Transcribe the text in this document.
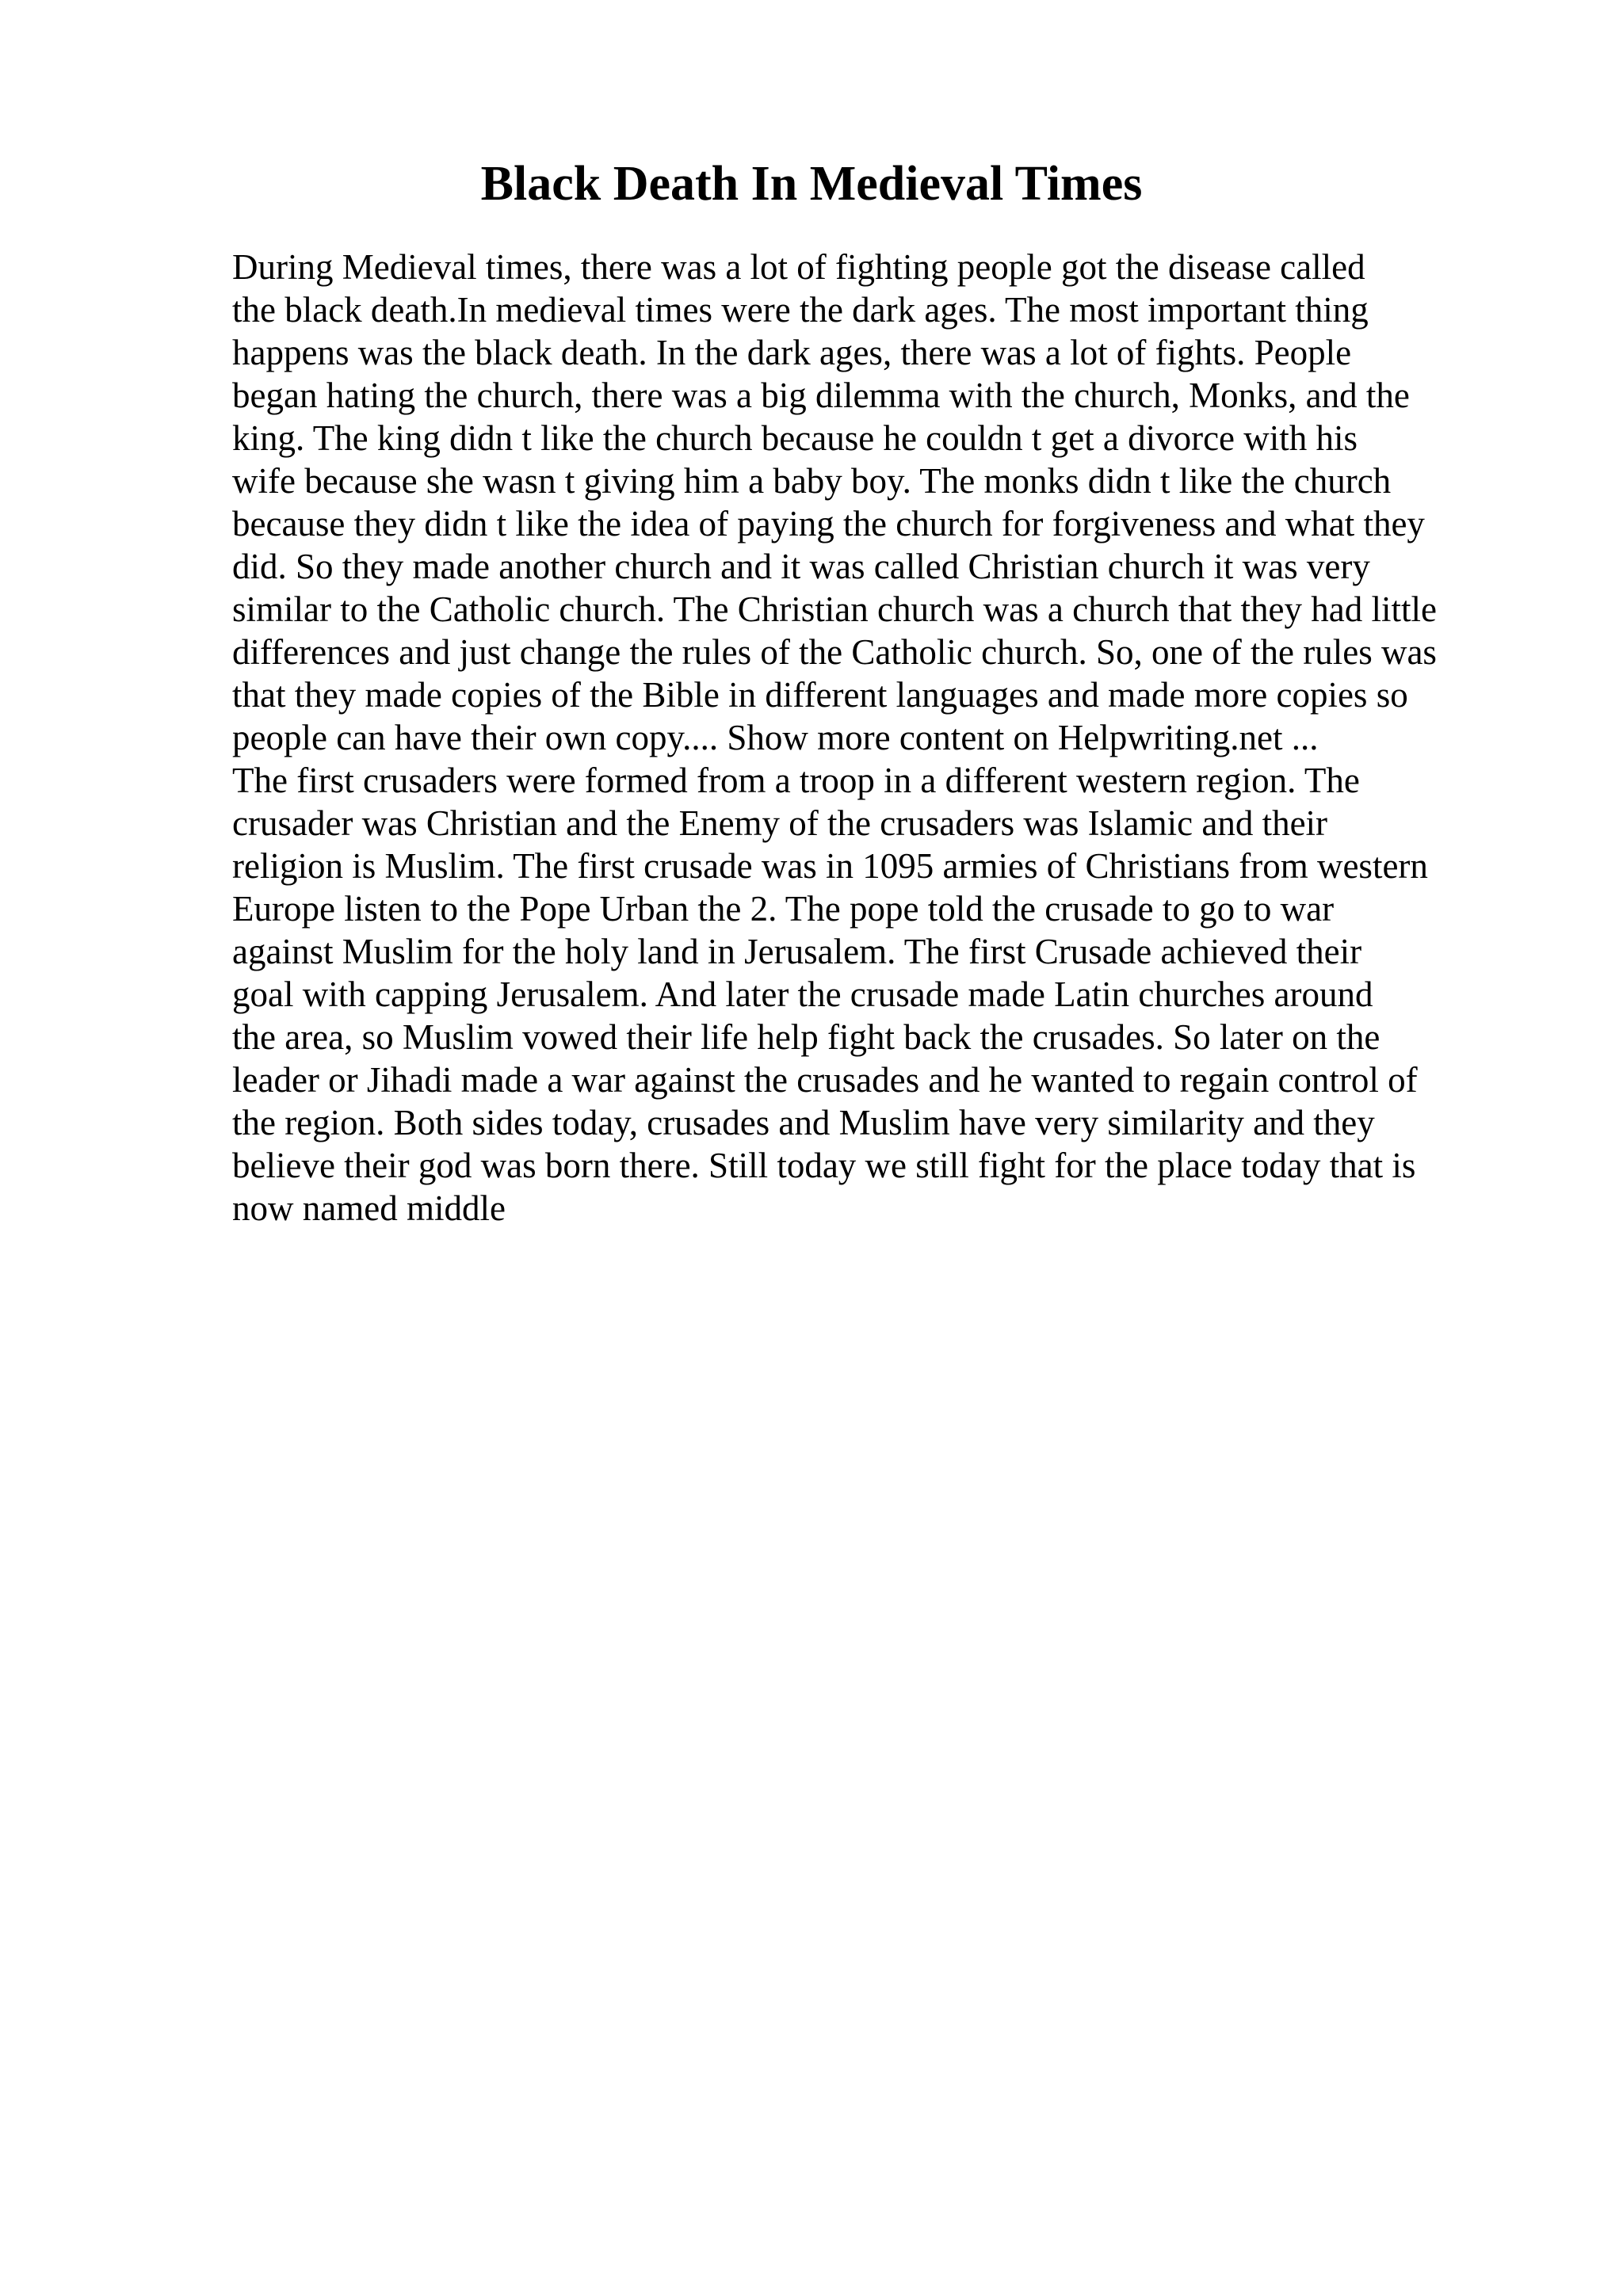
Black Death In Medieval Times
During Medieval times, there was a lot of fighting people got the disease called
the black death.In medieval times were the dark ages. The most important thing
happens was the black death. In the dark ages, there was a lot of fights. People
began hating the church, there was a big dilemma with the church, Monks, and the
king. The king didn t like the church because he couldn t get a divorce with his
wife because she wasn t giving him a baby boy. The monks didn t like the church
because they didn t like the idea of paying the church for forgiveness and what they
did. So they made another church and it was called Christian church it was very
similar to the Catholic church. The Christian church was a church that they had little
differences and just change the rules of the Catholic church. So, one of the rules was
that they made copies of the Bible in different languages and made more copies so
people can have their own copy.... Show more content on Helpwriting.net ...
The first crusaders were formed from a troop in a different western region. The
crusader was Christian and the Enemy of the crusaders was Islamic and their
religion is Muslim. The first crusade was in 1095 armies of Christians from western
Europe listen to the Pope Urban the 2. The pope told the crusade to go to war
against Muslim for the holy land in Jerusalem. The first Crusade achieved their
goal with capping Jerusalem. And later the crusade made Latin churches around
the area, so Muslim vowed their life help fight back the crusades. So later on the
leader or Jihadi made a war against the crusades and he wanted to regain control of
the region. Both sides today, crusades and Muslim have very similarity and they
believe their god was born there. Still today we still fight for the place today that is
now named middle
